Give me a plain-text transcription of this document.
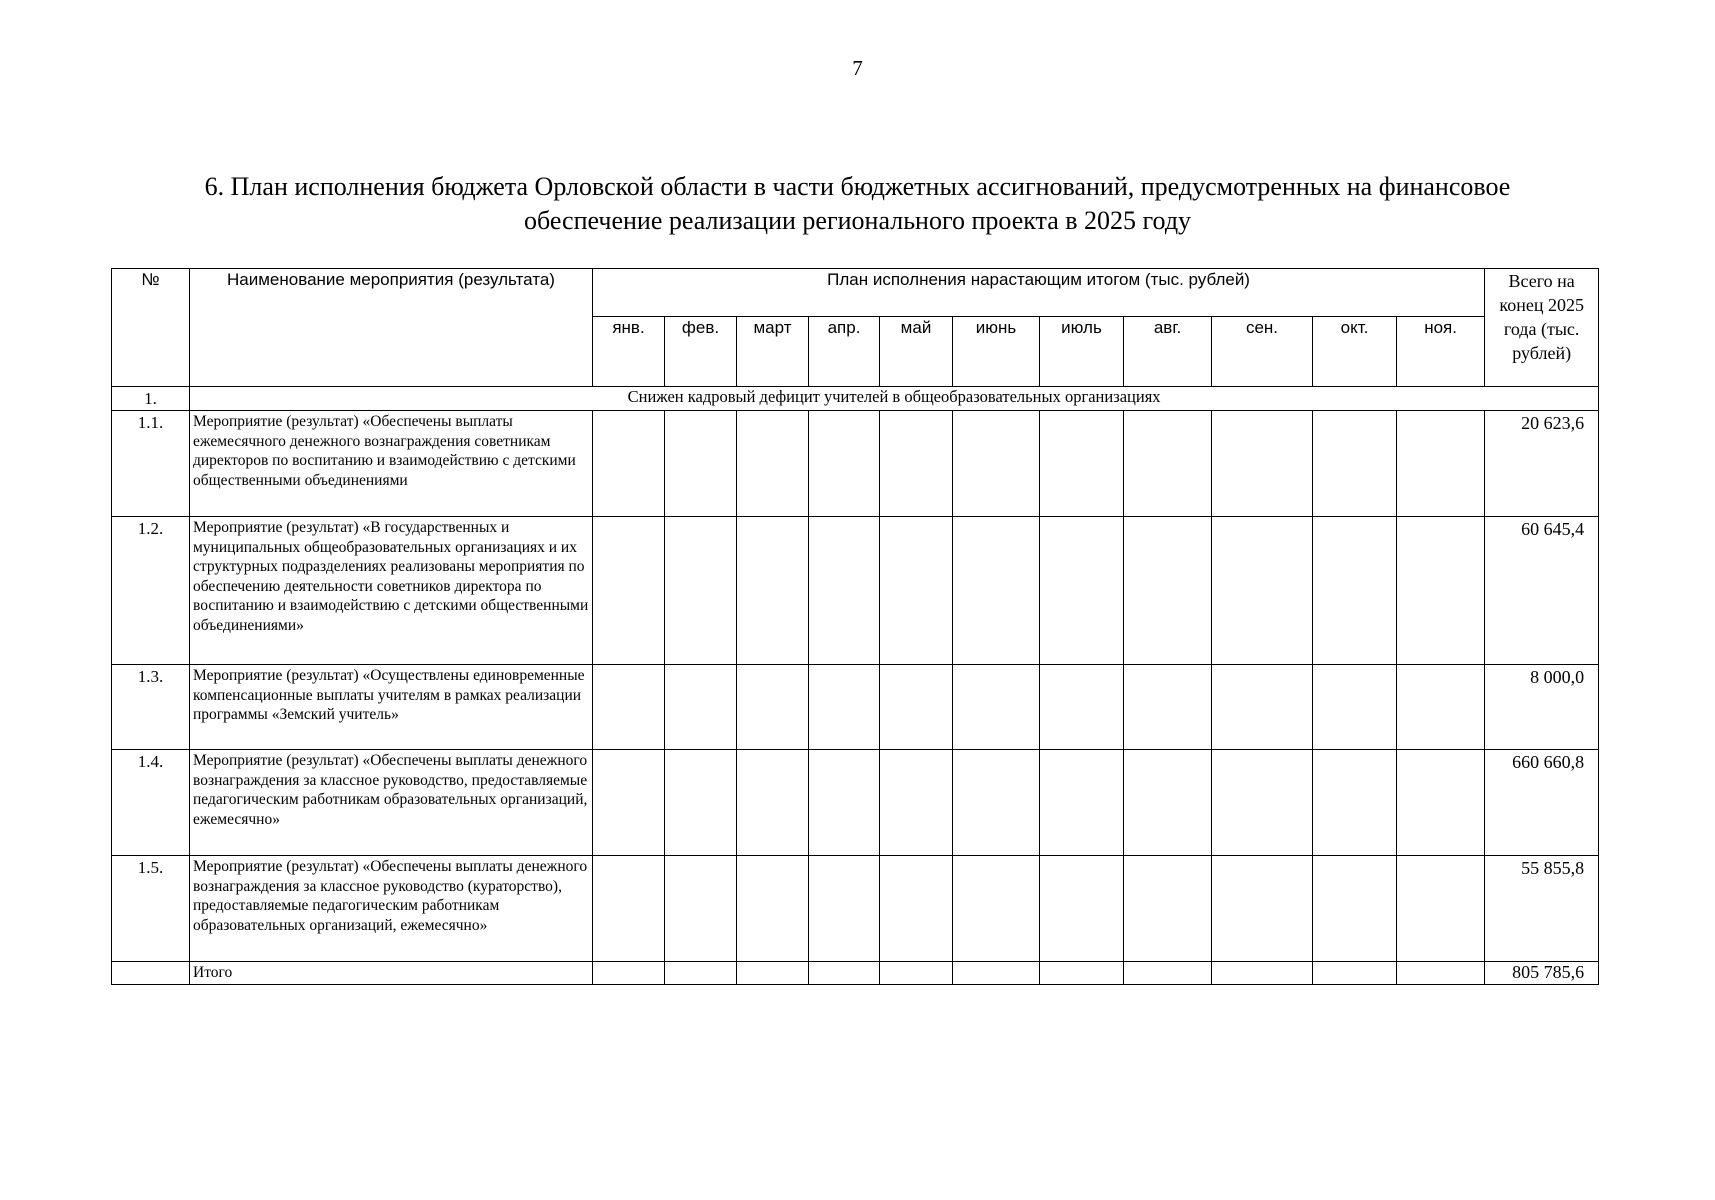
7
6. План исполнения бюджета Орловской области в части бюджетных ассигнований, предусмотренных на финансовое
обеспечение реализации регионального проекта в 2025 году
№	Наименование мероприятия (результата)	План исполнения нарастающим итогом (тыс. рублей)											Всего на конец 2025 года (тыс. рублей)
		янв.	фев.	март	апр.	май	июнь	июль	авг.	сен.	окт.	ноя.	
1.	Снижен кадровый дефицит учителей в общеобразовательных организациях												
1.1.	Мероприятие (результат) «Обеспечены выплаты ежемесячного денежного вознаграждения советникам директоров по воспитанию и взаимодействию с детскими общественными объединениями												20 623,6
1.2.	Мероприятие (результат) «В государственных и муниципальных общеобразовательных организациях и их структурных подразделениях реализованы мероприятия по обеспечению деятельности советников директора по воспитанию и взаимодействию с детскими общественными объединениями»												60 645,4
1.3.	Мероприятие (результат) «Осуществлены единовременные компенсационные выплаты учителям в рамках реализации программы «Земский учитель»												8 000,0
1.4.	Мероприятие (результат) «Обеспечены выплаты денежного вознаграждения за классное руководство, предоставляемые педагогическим работникам образовательных организаций, ежемесячно»												660 660,8
1.5.	Мероприятие (результат) «Обеспечены выплаты денежного вознаграждения за классное руководство (кураторство), предоставляемые педагогическим работникам образовательных организаций, ежемесячно»												55 855,8
	Итого												805 785,6
